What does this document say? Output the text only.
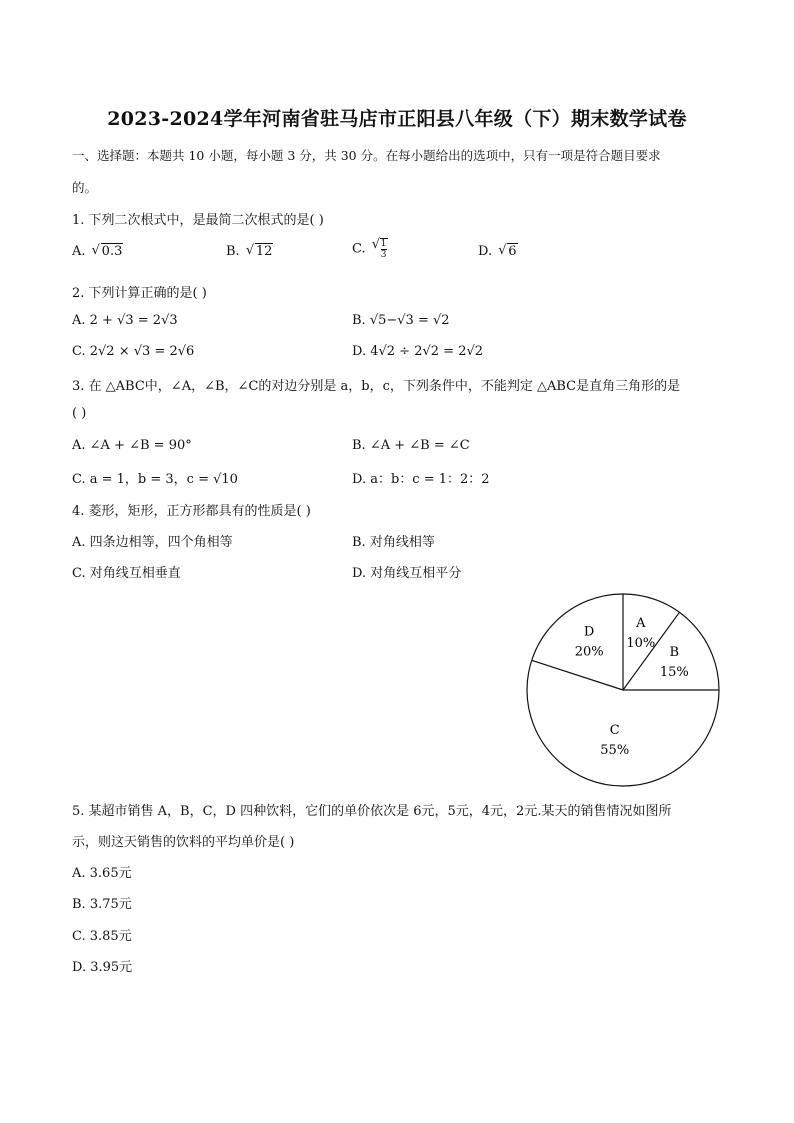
2023-2024学年河南省驻马店市正阳县八年级（下）期末数学试卷
一、选择题：本题共 10 小题，每小题 3 分，共 30 分。在每小题给出的选项中，只有一项是符合题目要求
的。
1. 下列二次根式中，是最简二次根式的是( )
A. √ 0.3	B. √ 12	C. √ $\frac{1}{3}$	D. √ 6
2. 下列计算正确的是( )
A. 2 + √3 = 2√3	B. √5−√3 = √2
C. 2√2 × √3 = 2√6	D. 4√2 ÷ 2√2 = 2√2
3. 在 △ABC中，∠A，∠B，∠C的对边分别是 a，b，c，下列条件中，不能判定 △ABC是直角三角形的是
( )
A. ∠A + ∠B = 90°	B. ∠A + ∠B = ∠C
C. a = 1，b = 3，c = √10	D. a：b：c = 1：2：2
4. 菱形，矩形，正方形都具有的性质是( )
A. 四条边相等，四个角相等	B. 对角线相等
C. 对角线互相垂直	D. 对角线互相平分
A
10%
B
15%
C
55%
D
20%
5. 某超市销售 A，B，C，D 四种饮料，它们的单价依次是 6元，5元，4元，2元.某天的销售情况如图所
示，则这天销售的饮料的平均单价是( )
A. 3.65元
B. 3.75元
C. 3.85元
D. 3.95元
